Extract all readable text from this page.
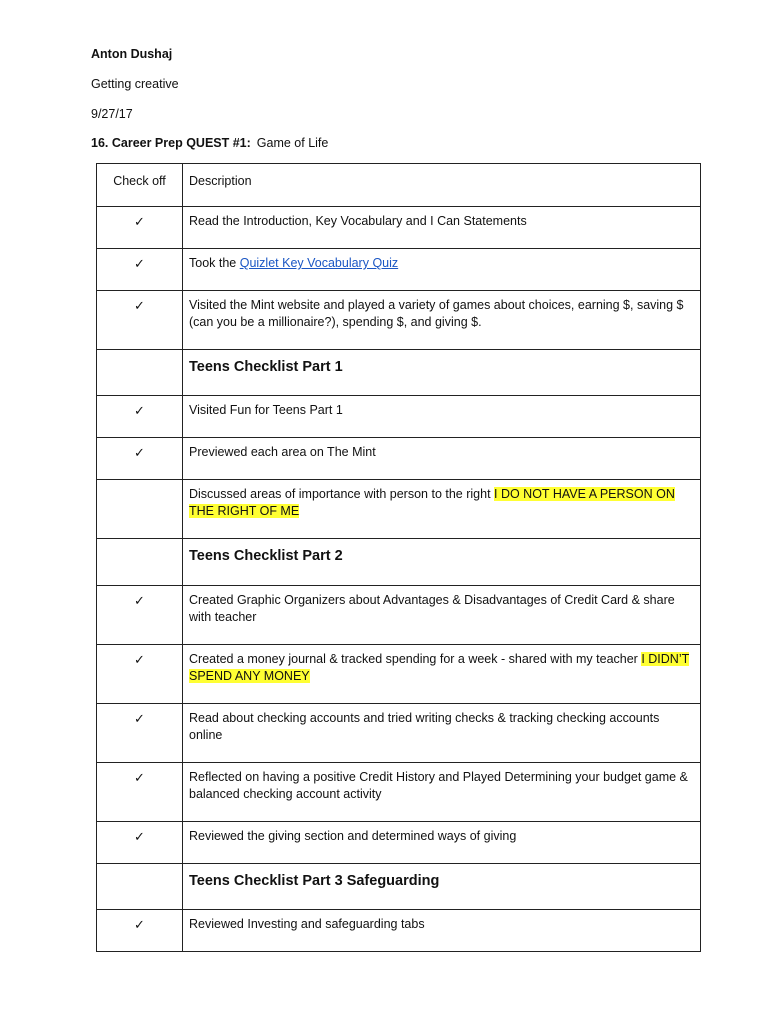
Anton Dushaj
Getting creative
9/27/17
16. Career Prep QUEST #1: Game of Life
Check off	Description

✓	Read the Introduction, Key Vocabulary and I Can Statements

✓	Took the Quizlet Key Vocabulary Quiz

✓	Visited the Mint website and played a variety of games about choices, earning $, saving $ (can you be a millionaire?), spending $, and giving $.

	Teens Checklist Part 1

✓	Visited Fun for Teens Part 1

✓	Previewed each area on The Mint

	Discussed areas of importance with person to the right I DO NOT HAVE A PERSON ON THE RIGHT OF ME

	Teens Checklist Part 2

✓	Created Graphic Organizers about Advantages & Disadvantages of Credit Card & share with teacher

✓	Created a money journal & tracked spending for a week - shared with my teacher I DIDN’T SPEND ANY MONEY

✓	Read about checking accounts and tried writing checks & tracking checking accounts online

✓	Reflected on having a positive Credit History and Played Determining your budget game & balanced checking account activity

✓	Reviewed the giving section and determined ways of giving

	Teens Checklist Part 3 Safeguarding

✓	Reviewed Investing and safeguarding tabs
